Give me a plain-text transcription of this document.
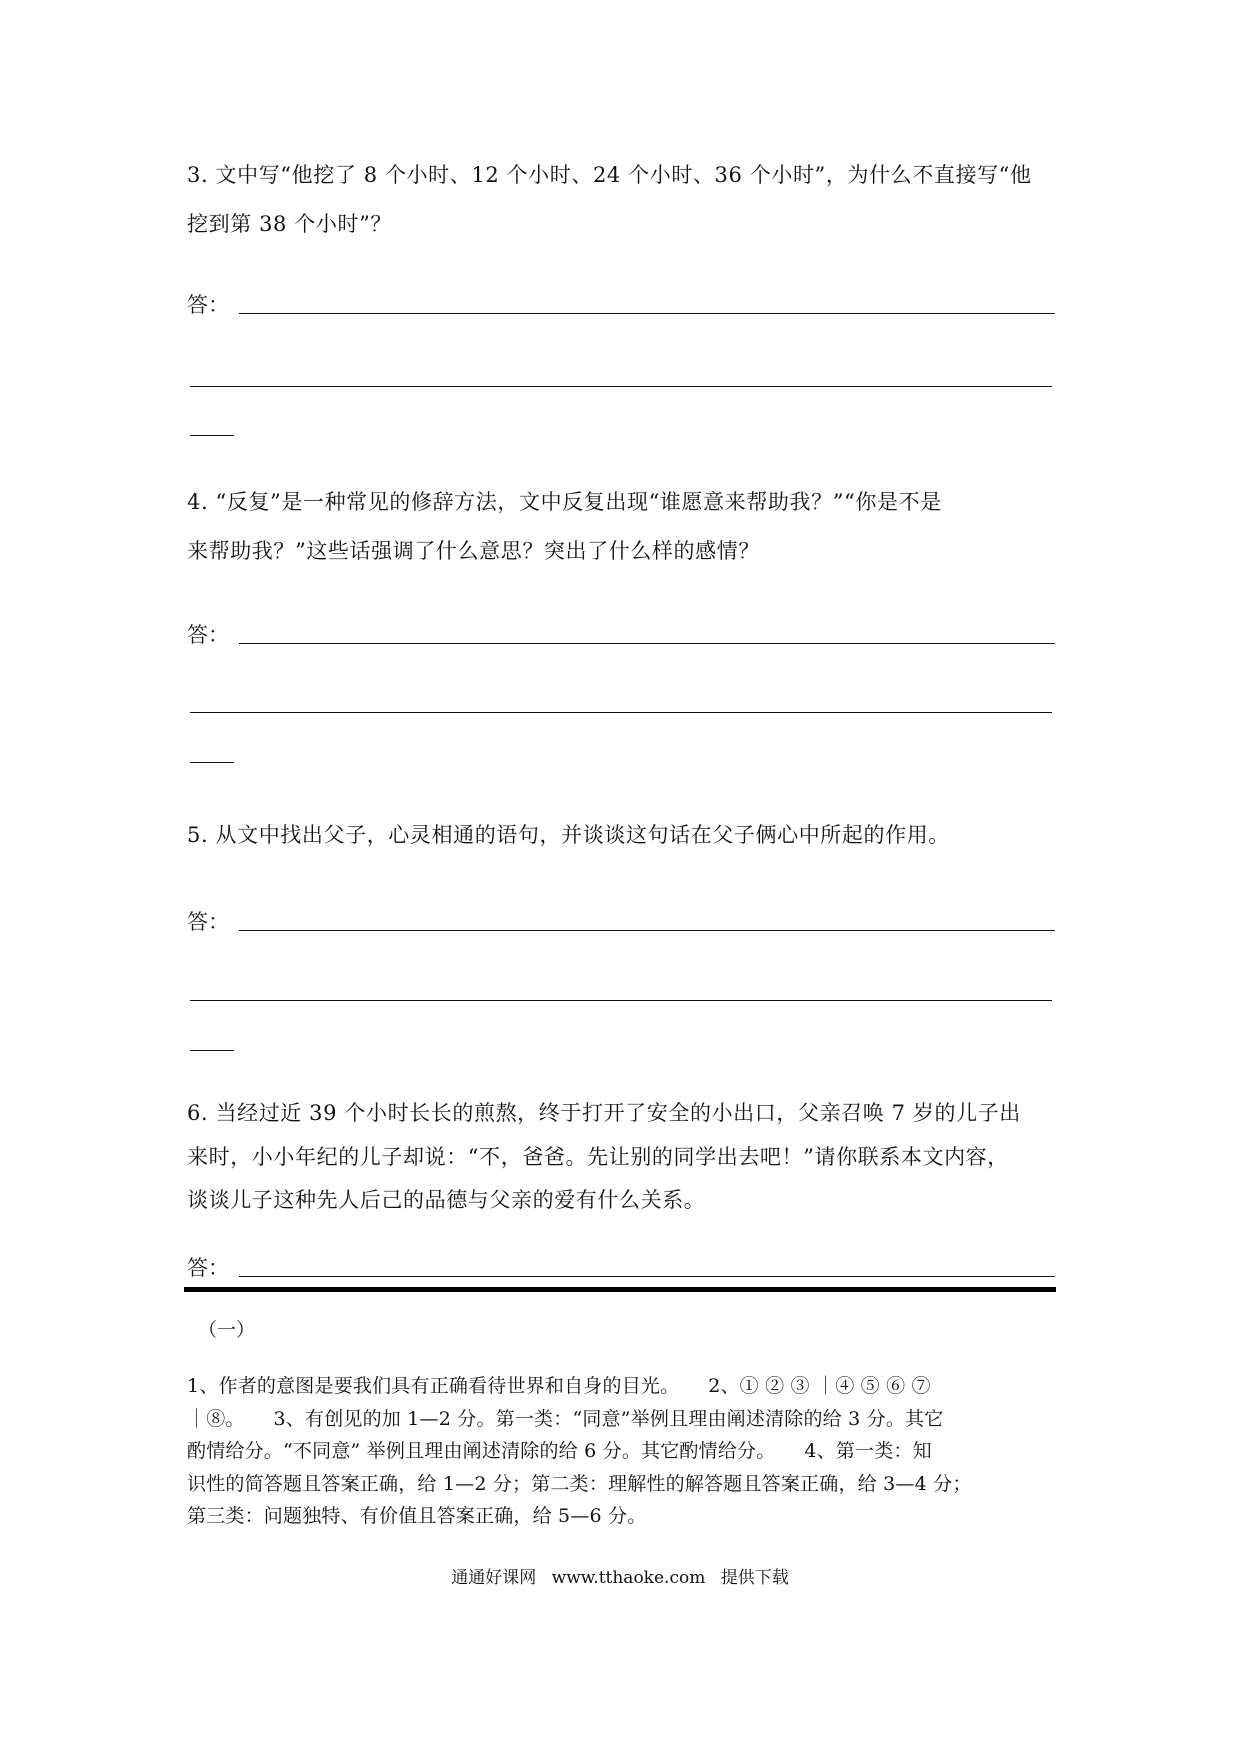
3. 文中写“他挖了 8 个小时、12 个小时、24 个小时、36 个小时”，为什么不直接写“他
挖到第 38 个小时”？
答：
4. “反复”是一种常见的修辞方法，文中反复出现“谁愿意来帮助我？”“你是不是
来帮助我？”这些话强调了什么意思？突出了什么样的感情？
答：
5. 从文中找出父子，心灵相通的语句，并谈谈这句话在父子俩心中所起的作用。
答：
6. 当经过近 39 个小时长长的煎熬，终于打开了安全的小出口，父亲召唤 7 岁的儿子出
来时，小小年纪的儿子却说：“不，爸爸。先让别的同学出去吧！”请你联系本文内容，
谈谈儿子这种先人后己的品德与父亲的爱有什么关系。
答：
（一）
1、作者的意图是要我们具有正确看待世界和自身的目光。　　2、① ② ③ ｜④ ⑤ ⑥ ⑦
｜⑧。　　3、有创见的加 1—2 分。第一类：“同意”举例且理由阐述清除的给 3 分。其它
酌情给分。“不同意” 举例且理由阐述清除的给 6 分。其它酌情给分。　　4、第一类：知
识性的简答题且答案正确，给 1—2 分；第二类：理解性的解答题且答案正确，给 3—4 分；
第三类：问题独特、有价值且答案正确，给 5—6 分。
通通好课网 www.tthaoke.com 提供下载
